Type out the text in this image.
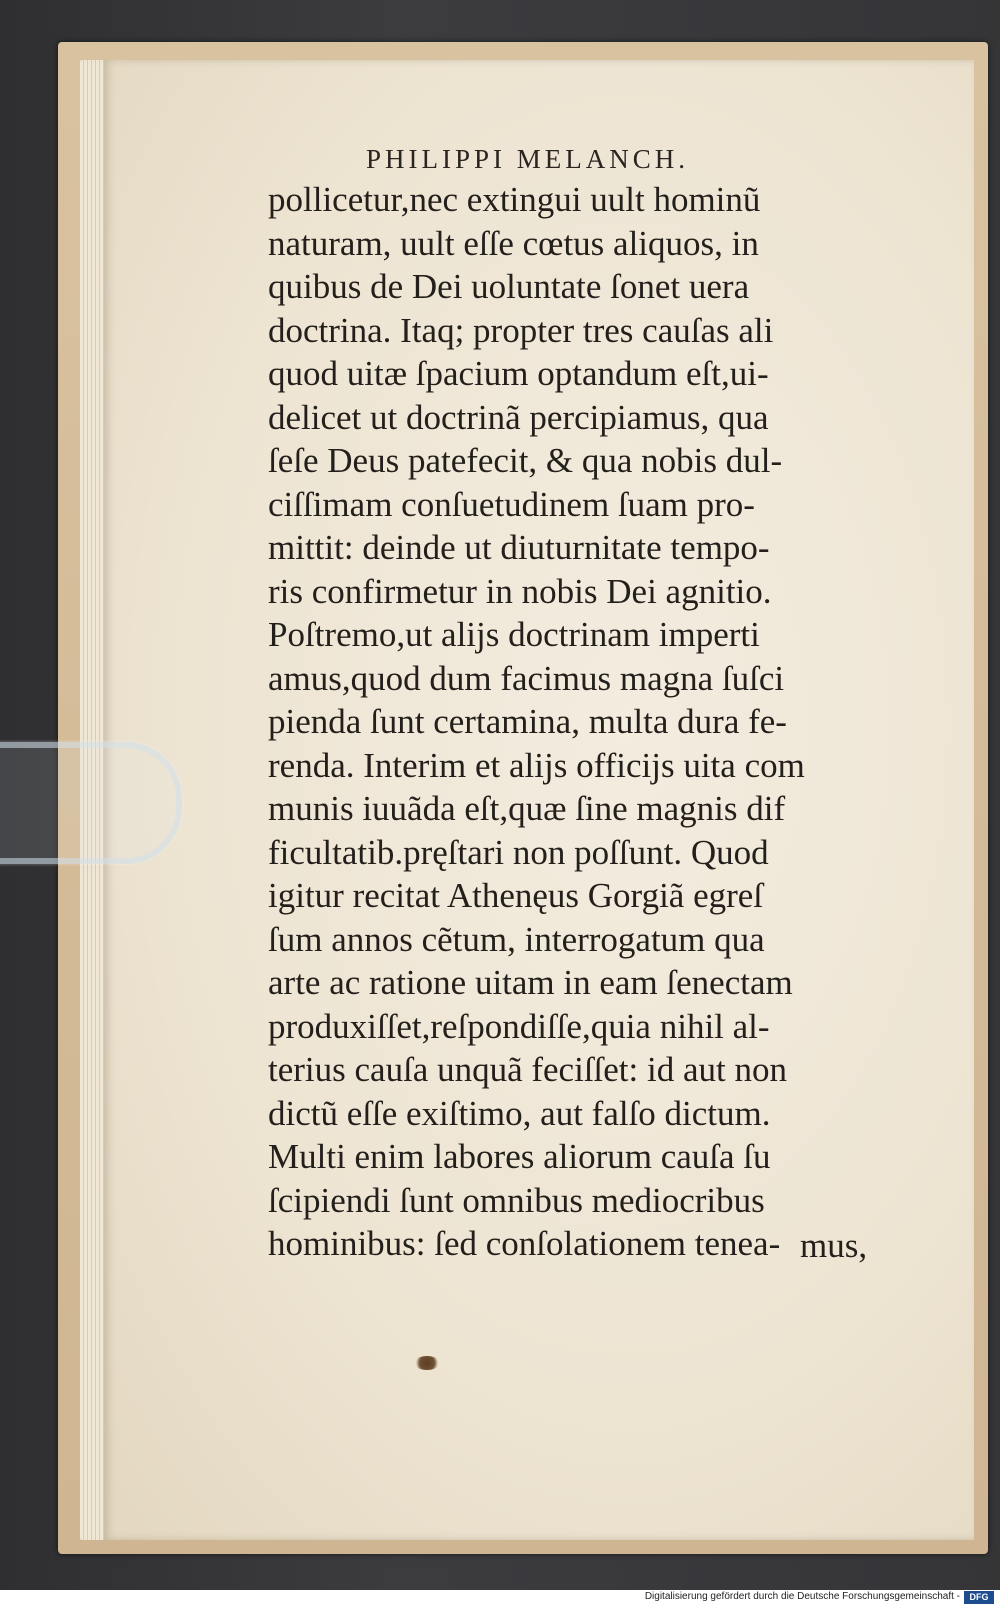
PHILIPPI MELANCH.
pollicetur,nec extingui uult hominũ
naturam, uult eſſe cœtus aliquos, in
quibus de Dei uoluntate ſonet uera
doctrina. Itaq; propter tres cauſas ali
quod uitæ ſpacium optandum eſt,ui-
delicet ut doctrinã percipiamus, qua
ſeſe Deus patefecit, & qua nobis dul-
ciſſimam conſuetudinem ſuam pro-
mittit: deinde ut diuturnitate tempo-
ris confirmetur in nobis Dei agnitio.
Poſtremo,ut alijs doctrinam imperti
amus,quod dum facimus magna ſuſci
pienda ſunt certamina, multa dura fe-
renda. Interim et alijs officijs uita com
munis iuuãda eſt,quæ ſine magnis dif
ficultatib.pręſtari non poſſunt. Quod
igitur recitat Athenęus Gorgiã egreſ
ſum annos cẽtum, interrogatum qua
arte ac ratione uitam in eam ſenectam
produxiſſet,reſpondiſſe,quia nihil al-
terius cauſa unquã feciſſet: id aut non
dictũ eſſe exiſtimo, aut falſo dictum.
Multi enim labores aliorum cauſa ſu
ſcipiendi ſunt omnibus mediocribus
hominibus: ſed conſolationem tenea- mus,
Digitalisierung gefördert durch die Deutsche Forschungsgemeinschaft -	DFG
